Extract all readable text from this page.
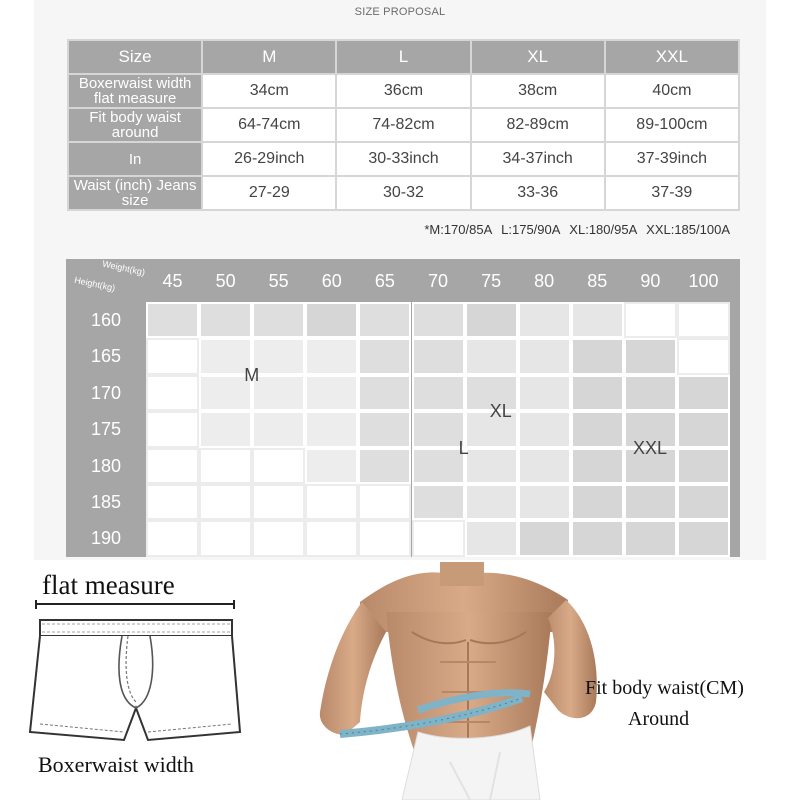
SIZE PROPOSAL
Size	M	L	XL	XXL

Boxerwaist width
flat measure	34cm	36cm	38cm	40cm
Fit body waist around	64-74cm	74-82cm	82-89cm	89-100cm
In	26-29inch	30-33inch	34-37inch	37-39inch
Waist (inch) Jeans size	27-29	30-32	33-36	37-39
*M:170/85A L:175/90A XL:180/95A XXL:185/100A
Weight(kg)
Height(kg)	45	50	55	60	65	70	75	80	85	90	100
160
165
170
175
180
185
190
M
XL
L	XXL
flat measure
Boxerwaist width
Fit body waist(CM)
Around
